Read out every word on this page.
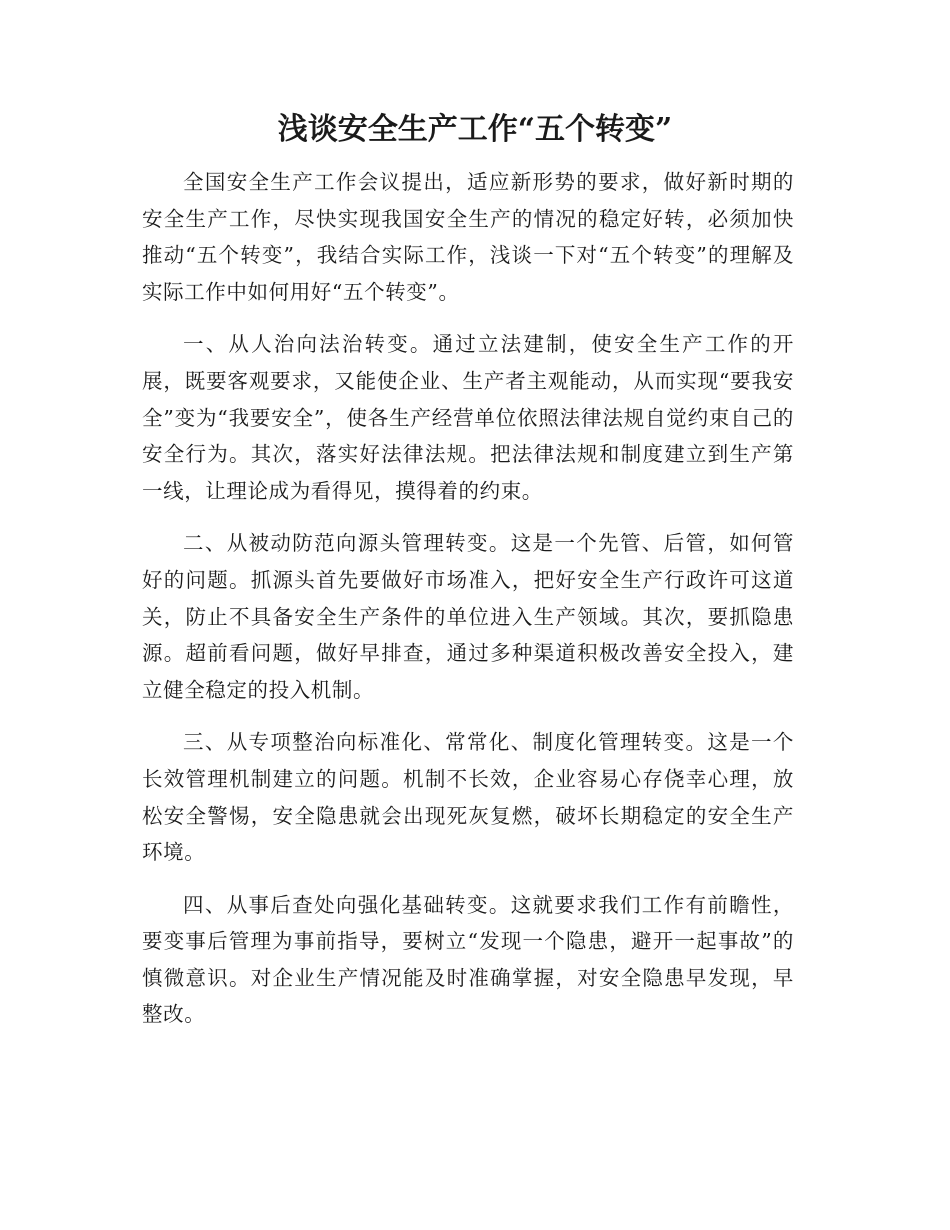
浅谈安全生产工作“五个转变”

全国安全生产工作会议提出，适应新形势的要求，做好新时期的安全生产工作，尽快实现我国安全生产的情况的稳定好转，必须加快推动“五个转变”，我结合实际工作，浅谈一下对“五个转变”的理解及实际工作中如何用好“五个转变”。

一、从人治向法治转变。通过立法建制，使安全生产工作的开展，既要客观要求，又能使企业、生产者主观能动，从而实现“要我安全”变为“我要安全”，使各生产经营单位依照法律法规自觉约束自己的安全行为。其次，落实好法律法规。把法律法规和制度建立到生产第一线，让理论成为看得见，摸得着的约束。

二、从被动防范向源头管理转变。这是一个先管、后管，如何管好的问题。抓源头首先要做好市场准入，把好安全生产行政许可这道关，防止不具备安全生产条件的单位进入生产领域。其次，要抓隐患源。超前看问题，做好早排查，通过多种渠道积极改善安全投入，建立健全稳定的投入机制。

三、从专项整治向标准化、常常化、制度化管理转变。这是一个长效管理机制建立的问题。机制不长效，企业容易心存侥幸心理，放松安全警惕，安全隐患就会出现死灰复燃，破坏长期稳定的安全生产环境。

四、从事后查处向强化基础转变。这就要求我们工作有前瞻性，要变事后管理为事前指导，要树立“发现一个隐患，避开一起事故”的慎微意识。对企业生产情况能及时准确掌握，对安全隐患早发现，早整改。
